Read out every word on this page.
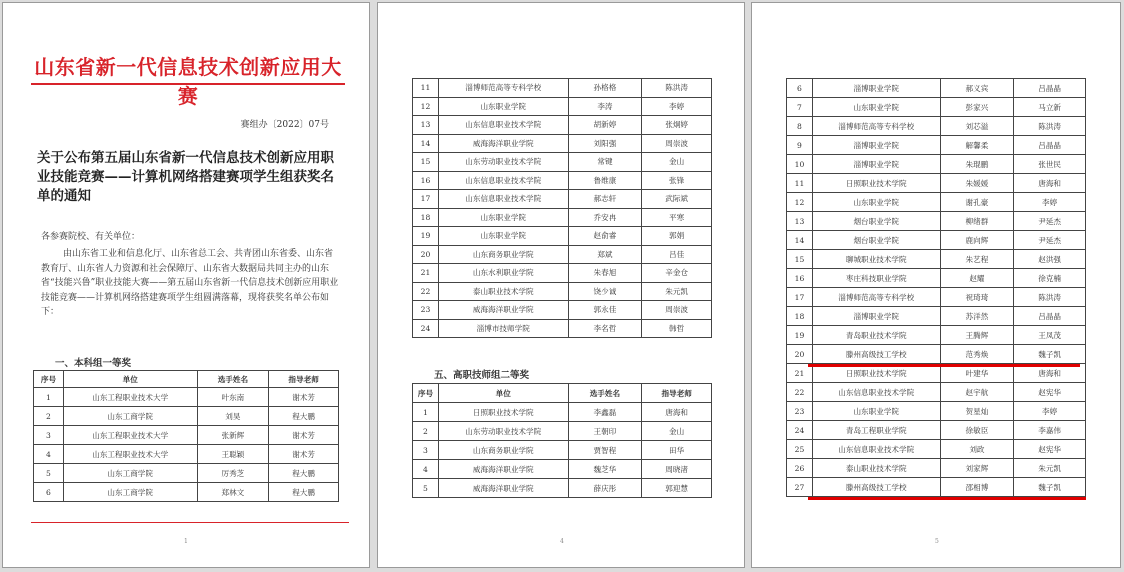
山东省新一代信息技术创新应用大赛
赛组办〔2022〕07号
关于公布第五届山东省新一代信息技术创新应用职业技能竞赛——计算机网络搭建赛项学生组获奖名单的通知
各参赛院校、有关单位：
由山东省工业和信息化厅、山东省总工会、共青团山东省委、山东省教育厅、山东省人力资源和社会保障厅、山东省大数据局共同主办的山东省“技能兴鲁”职业技能大赛——第五届山东省新一代信息技术创新应用职业技能竞赛——计算机网络搭建赛项学生组圆满落幕，现将获奖名单公布如下：
一、本科组一等奖
序号	单位	选手姓名	指导老师
1	山东工程职业技术大学	叶东南	谢术芳
2	山东工商学院	刘昊	程大鹏
3	山东工程职业技术大学	张新辉	谢术芳
4	山东工程职业技术大学	王聪颖	谢术芳
5	山东工商学院	厉秀芝	程大鹏
6	山东工商学院	郑林文	程大鹏
1
11	淄博师范高等专科学校	孙格格	陈洪涛
12	山东职业学院	李涛	李婷
13	山东信息职业技术学院	胡新婷	张炯婷
14	威海海洋职业学院	刘阳强	周崇波
15	山东劳动职业技术学院	常键	金山
16	山东信息职业技术学院	鲁维康	张锋
17	山东信息职业技术学院	郝志轩	武际斌
18	山东职业学院	乔安冉	平寒
19	山东职业学院	赵俞睿	郭娟
20	山东商务职业学院	郑斌	吕佳
21	山东水利职业学院	朱春旭	辛金仓
22	泰山职业技术学院	饶少诚	朱元凯
23	威海海洋职业学院	郭永佳	周崇波
24	淄博市技师学院	李名哲	韩哲
五、高职技师组二等奖
序号	单位	选手姓名	指导老师
1	日照职业技术学院	李鑫磊	唐海和
2	山东劳动职业技术学院	王朝印	金山
3	山东商务职业学院	贾智程	田华
4	威海海洋职业学院	魏芝华	周晓渚
5	威海海洋职业学院	薛庆彤	郭迎慧
4
6	淄博职业学院	郝义宾	吕晶晶
7	山东职业学院	彭家兴	马立新
8	淄博师范高等专科学校	刘芯溢	陈洪涛
9	淄博职业学院	解馨柔	吕晶晶
10	淄博职业学院	朱琨鹏	张世民
11	日照职业技术学院	朱媛媛	唐海和
12	山东职业学院	谢孔豪	李婷
13	烟台职业学院	柳绪群	尹延杰
14	烟台职业学院	鹿向辉	尹延杰
15	聊城职业技术学院	朱艺程	赵洪强
16	枣庄科技职业学院	赵耀	徐克楠
17	淄博师范高等专科学校	祝琦琦	陈洪涛
18	淄博职业学院	苏洋然	吕晶晶
19	青岛职业技术学院	王腾辉	王凤茂
20	滕州高级技工学校	范秀焕	魏子凯
21	日照职业技术学院	叶建华	唐海和
22	山东信息职业技术学院	赵宇航	赵宪华
23	山东职业学院	贺星灿	李婷
24	青岛工程职业学院	徐敏臣	李嘉伟
25	山东信息职业技术学院	刘政	赵宪华
26	泰山职业技术学院	刘家辉	朱元凯
27	滕州高级技工学校	邵相博	魏子凯
5
